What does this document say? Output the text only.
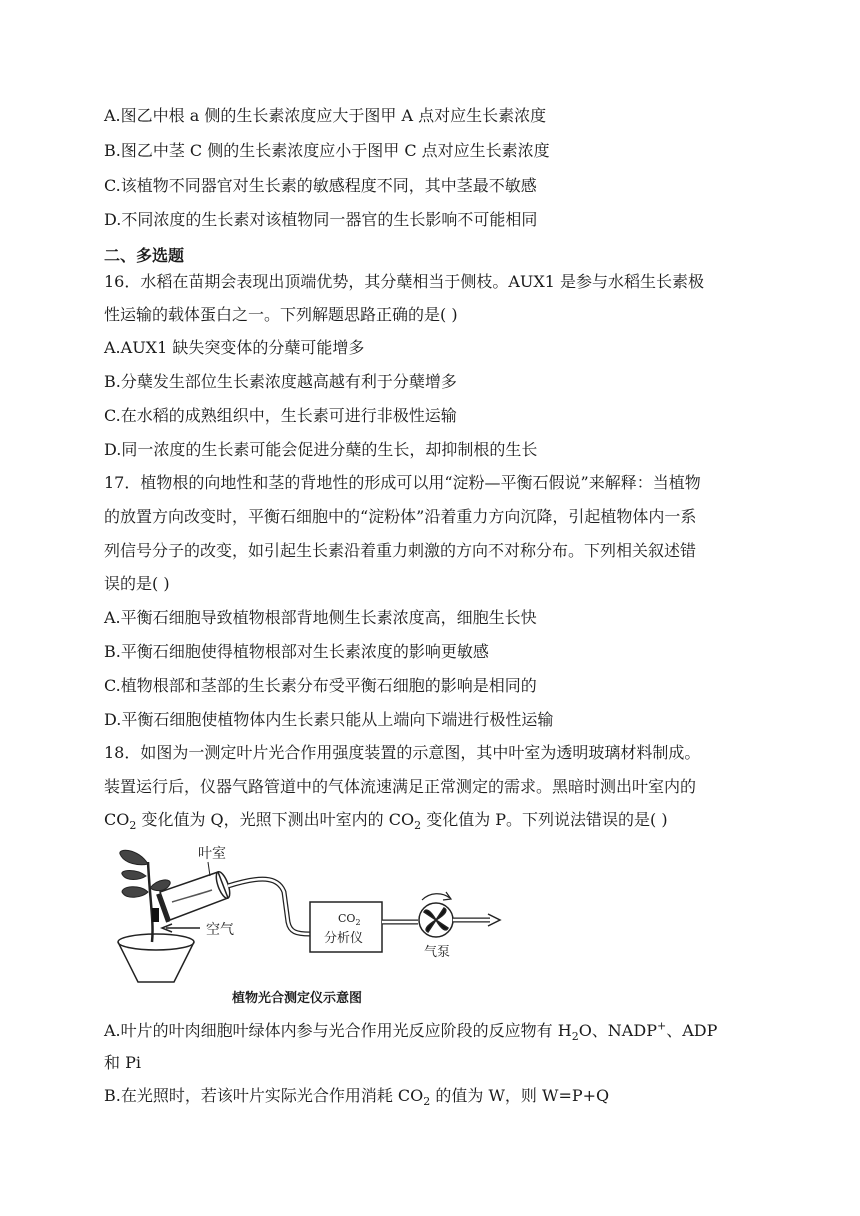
A.图乙中根 a 侧的生长素浓度应大于图甲 A 点对应生长素浓度
B.图乙中茎 C 侧的生长素浓度应小于图甲 C 点对应生长素浓度
C.该植物不同器官对生长素的敏感程度不同，其中茎最不敏感
D.不同浓度的生长素对该植物同一器官的生长影响不可能相同
二、多选题
16．水稻在苗期会表现出顶端优势，其分蘖相当于侧枝。AUX1 是参与水稻生长素极
性运输的载体蛋白之一。下列解题思路正确的是( )
A.AUX1 缺失突变体的分蘖可能增多
B.分蘖发生部位生长素浓度越高越有利于分蘖增多
C.在水稻的成熟组织中，生长素可进行非极性运输
D.同一浓度的生长素可能会促进分蘖的生长，却抑制根的生长
17．植物根的向地性和茎的背地性的形成可以用“淀粉—平衡石假说”来解释：当植物
的放置方向改变时，平衡石细胞中的“淀粉体”沿着重力方向沉降，引起植物体内一系
列信号分子的改变，如引起生长素沿着重力刺激的方向不对称分布。下列相关叙述错
误的是( )
A.平衡石细胞导致植物根部背地侧生长素浓度高，细胞生长快
B.平衡石细胞使得植物根部对生长素浓度的影响更敏感
C.植物根部和茎部的生长素分布受平衡石细胞的影响是相同的
D.平衡石细胞使植物体内生长素只能从上端向下端进行极性运输
18．如图为一测定叶片光合作用强度装置的示意图，其中叶室为透明玻璃材料制成。
装置运行后，仪器气路管道中的气体流速满足正常测定的需求。黑暗时测出叶室内的
$CO_2$ 变化值为 Q，光照下测出叶室内的 $CO_2$ 变化值为 P。下列说法错误的是( )
空气
叶室
$CO_2$
分析仪
气泵
植物光合测定仪示意图
A.叶片的叶肉细胞叶绿体内参与光合作用光反应阶段的反应物有 $H_2O$、NADP+、ADP
和 Pi
B.在光照时，若该叶片实际光合作用消耗 $CO_2$ 的值为 W，则 W=P+Q
